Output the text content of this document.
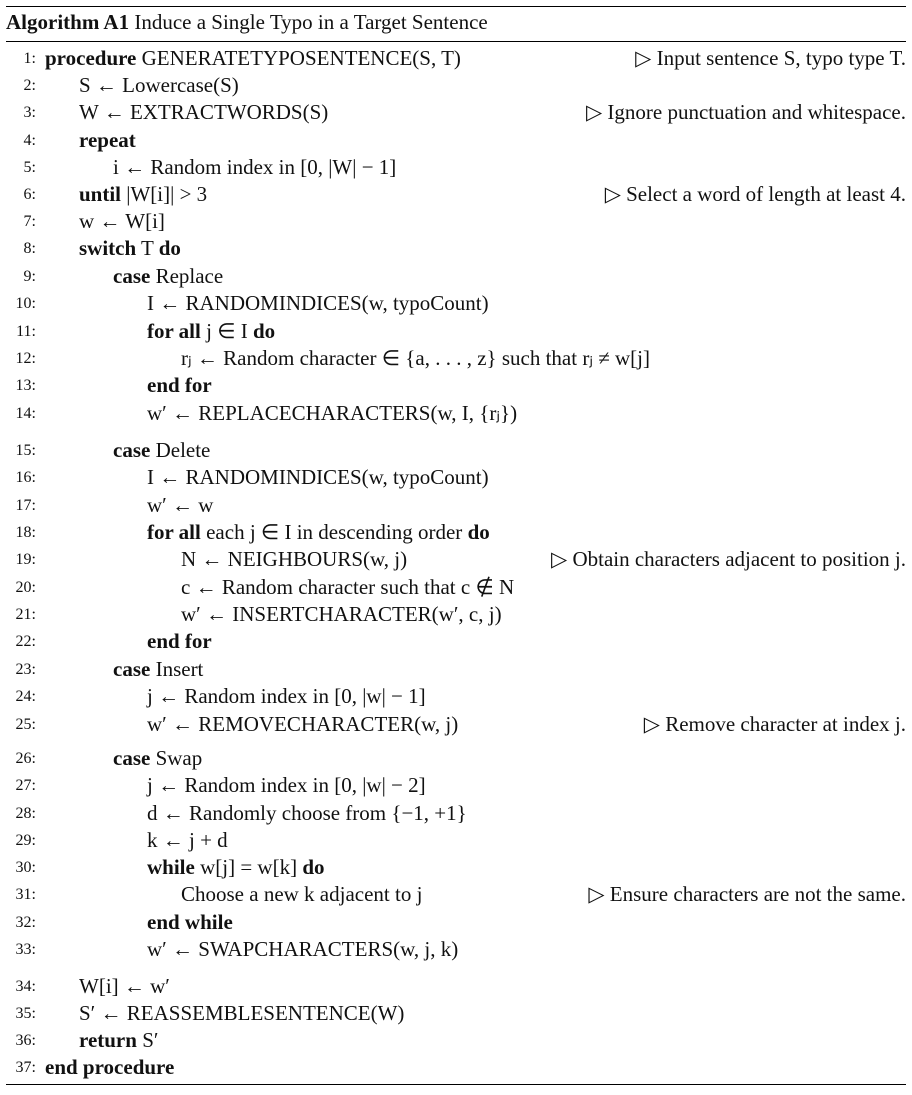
Algorithm A1 Induce a Single Typo in a Target Sentence
1: procedure GENERATETYPOSENTENCE(S, T)	▷ Input sentence S, typo type T.
2: S ← Lowercase(S)
3: W ← EXTRACTWORDS(S)	▷ Ignore punctuation and whitespace.
4: repeat
5:	i ← Random index in [0, |W| − 1]
6: until |W[i]| > 3	▷ Select a word of length at least 4.
7: w ← W[i]
8: switch T do
9:	case Replace
10:	I ← RANDOMINDICES(w, typoCount)
11:	for all j ∈ I do
12:	rⱼ ← Random character ∈ {a, . . . , z} such that rⱼ ≠ w[j]
13:	end for
14:	w′ ← REPLACECHARACTERS(w, I, {rⱼ})
15:	case Delete
16:	I ← RANDOMINDICES(w, typoCount)
17:	w′ ← w
18:	for all each j ∈ I in descending order do
19:	N ← NEIGHBOURS(w, j)	▷ Obtain characters adjacent to position j.
20:	c ← Random character such that c ∉ N
21:	w′ ← INSERTCHARACTER(w′, c, j)
22:	end for
23:	case Insert
24:	j ← Random index in [0, |w| − 1]
25:	w′ ← REMOVECHARACTER(w, j)	▷ Remove character at index j.
26:	case Swap
27:	j ← Random index in [0, |w| − 2]
28:	d ← Randomly choose from {−1, +1}
29:	k ← j + d
30:	while w[j] = w[k] do
31:	Choose a new k adjacent to j	▷ Ensure characters are not the same.
32:	end while
33:	w′ ← SWAPCHARACTERS(w, j, k)
34: W[i] ← w′
35: S′ ← REASSEMBLESENTENCE(W)
36: return S′
37: end procedure
